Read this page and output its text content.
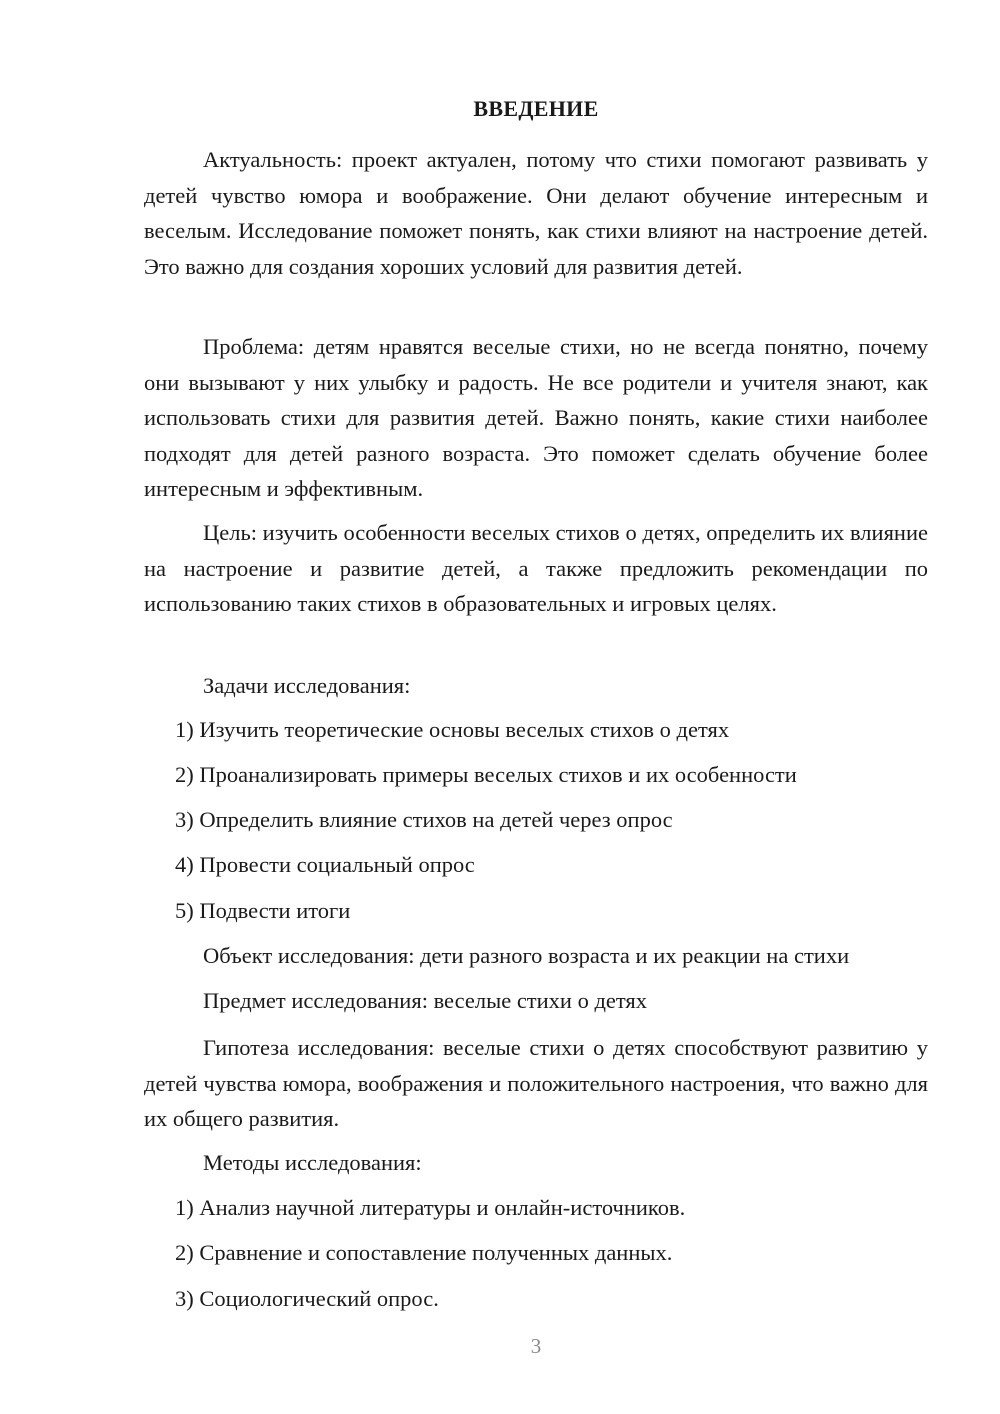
ВВЕДЕНИЕ
Актуальность: проект актуален, потому что стихи помогают развивать у детей чувство юмора и воображение. Они делают обучение интересным и веселым. Исследование поможет понять, как стихи влияют на настроение детей. Это важно для создания хороших условий для развития детей.
Проблема: детям нравятся веселые стихи, но не всегда понятно, почему они вызывают у них улыбку и радость. Не все родители и учителя знают, как использовать стихи для развития детей. Важно понять, какие стихи наиболее подходят для детей разного возраста. Это поможет сделать обучение более интересным и эффективным.
Цель: изучить особенности веселых стихов о детях, определить их влияние на настроение и развитие детей, а также предложить рекомендации по использованию таких стихов в образовательных и игровых целях.
Задачи исследования:
1) Изучить теоретические основы веселых стихов о детях
2) Проанализировать примеры веселых стихов и их особенности
3) Определить влияние стихов на детей через опрос
4) Провести социальный опрос
5) Подвести итоги
Объект исследования: дети разного возраста и их реакции на стихи
Предмет исследования: веселые стихи о детях
Гипотеза исследования: веселые стихи о детях способствуют развитию у детей чувства юмора, воображения и положительного настроения, что важно для их общего развития.
Методы исследования:
1) Анализ научной литературы и онлайн-источников.
2) Сравнение и сопоставление полученных данных.
3) Социологический опрос.
3
